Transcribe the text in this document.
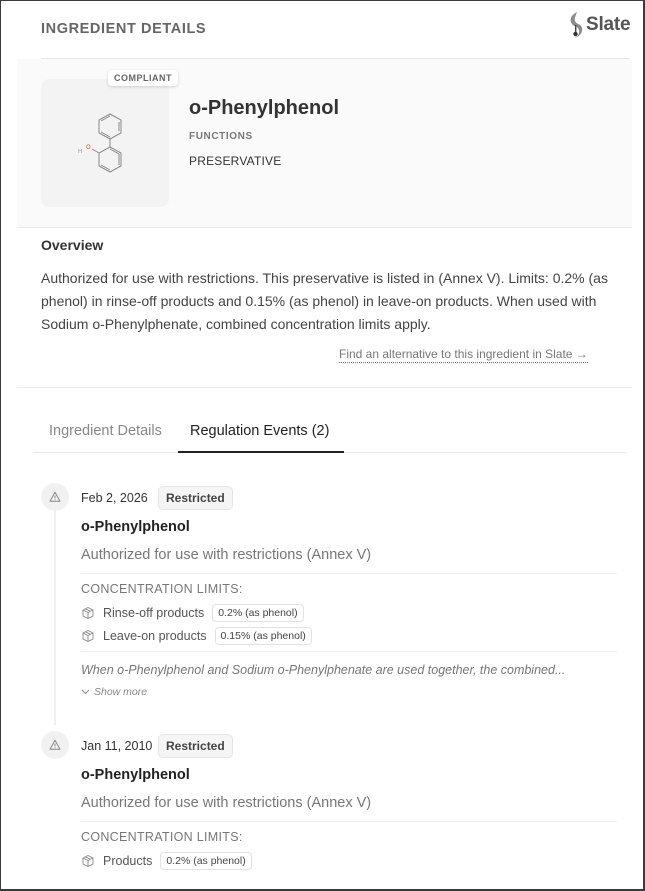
INGREDIENT DETAILS	Slate
O
H
COMPLIANT
o-Phenylphenol
FUNCTIONS
PRESERVATIVE
Overview
Authorized for use with restrictions. This preservative is listed in (Annex V). Limits: 0.2% (as phenol) in rinse-off products and 0.15% (as phenol) in leave-on products. When used with Sodium o-Phenylphenate, combined concentration limits apply.
Find an alternative to this ingredient in Slate →
Ingredient Details Regulation Events (2)
Feb 2, 2026	Restricted
o-Phenylphenol
Authorized for use with restrictions (Annex V)
CONCENTRATION LIMITS:
Rinse-off products	0.2% (as phenol)
Leave-on products	0.15% (as phenol)
When o-Phenylphenol and Sodium o-Phenylphenate are used together, the combined...
Show more
Jan 11, 2010	Restricted
o-Phenylphenol
Authorized for use with restrictions (Annex V)
CONCENTRATION LIMITS:
Products	0.2% (as phenol)
